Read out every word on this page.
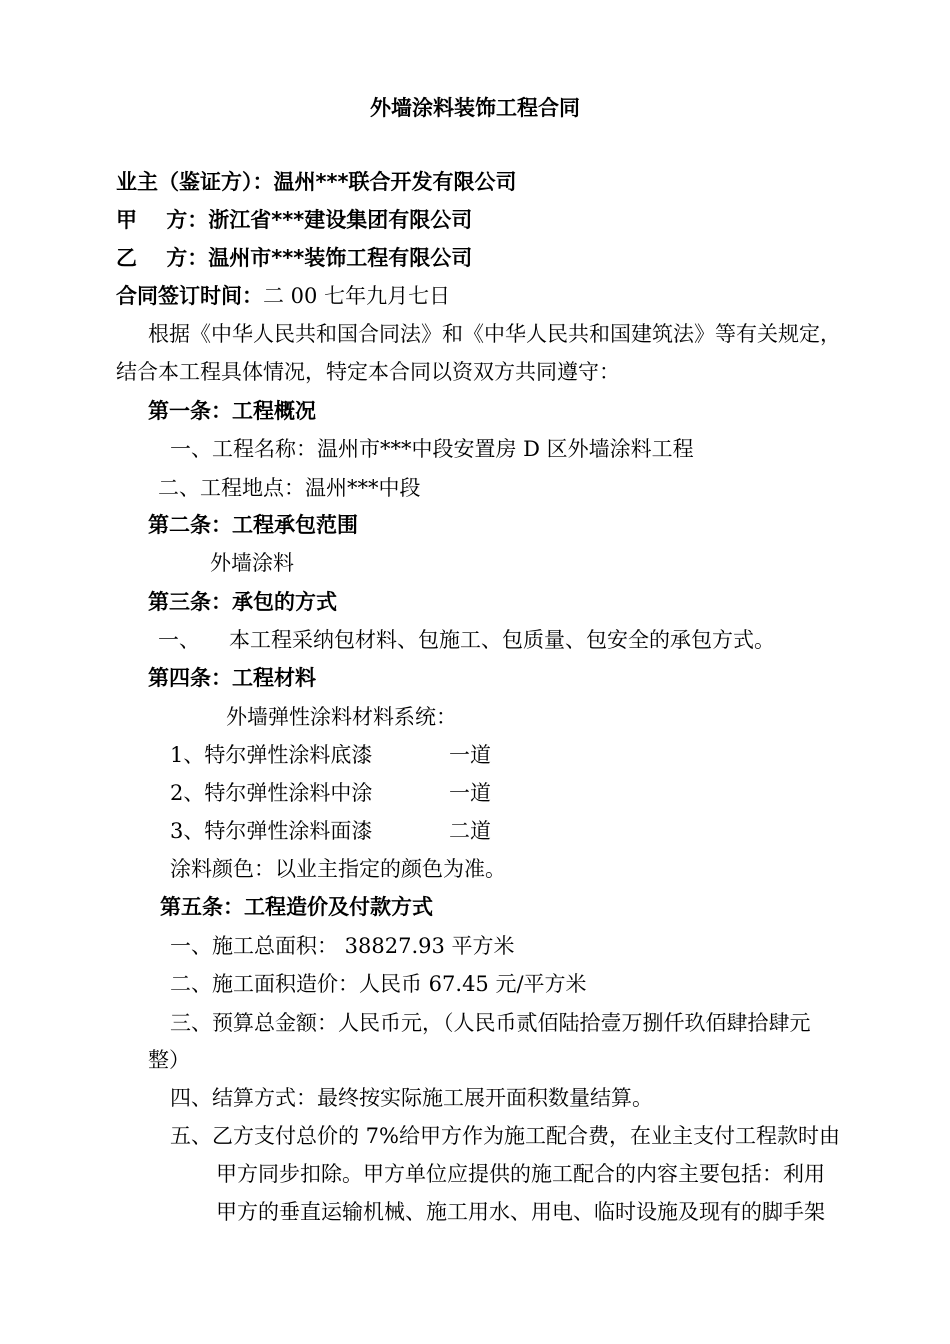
外墙涂料装饰工程合同
业主（鉴证方）：温州***联合开发有限公司
甲    方：浙江省***建设集团有限公司
乙    方：温州市***装饰工程有限公司
合同签订时间：二 00 七年九月七日
根据《中华人民共和国合同法》和《中华人民共和国建筑法》等有关规定，
结合本工程具体情况，特定本合同以资双方共同遵守：
第一条：工程概况
一、工程名称：温州市***中段安置房 D 区外墙涂料工程
二、工程地点：温州***中段
第二条：工程承包范围
外墙涂料
第三条：承包的方式
一、 本工程采纳包材料、包施工、包质量、包安全的承包方式。
第四条：工程材料
外墙弹性涂料材料系统：
1、特尔弹性涂料底漆	一道
2、特尔弹性涂料中涂	一道
3、特尔弹性涂料面漆	二道
涂料颜色：以业主指定的颜色为准。
第五条：工程造价及付款方式
一、施工总面积： 38827.93 平方米
二、施工面积造价：人民币 67.45 元/平方米
三、预算总金额：人民币元，（人民币贰佰陆拾壹万捌仟玖佰肆拾肆元
整）
四、结算方式：最终按实际施工展开面积数量结算。
五、乙方支付总价的 7%给甲方作为施工配合费，在业主支付工程款时由
甲方同步扣除。甲方单位应提供的施工配合的内容主要包括：利用
甲方的垂直运输机械、施工用水、用电、临时设施及现有的脚手架
